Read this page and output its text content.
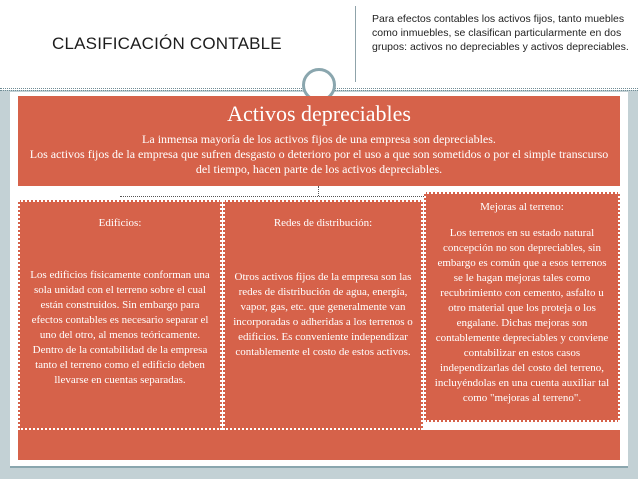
CLASIFICACIÓN CONTABLE
Para efectos contables los activos fijos, tanto muebles como inmuebles, se clasifican particularmente en dos grupos: activos no depreciables y activos depreciables.
Activos depreciables

La inmensa mayoría de los activos fijos de una empresa son depreciables.

Los activos fijos de la empresa que sufren desgasto o deterioro por el uso a que son sometidos o por el simple transcurso del tiempo, hacen parte de los activos depreciables.

Edificios:

Los edificios físicamente conforman una sola unidad con el terreno sobre el cual están construidos. Sin embargo para efectos contables es necesario separar el uno del otro, al menos teóricamente. Dentro de la contabilidad de la empresa tanto el terreno como el edificio deben llevarse en cuentas separadas.

Redes de distribución:

Otros activos fijos de la empresa son las redes de distribución de agua, energía, vapor, gas, etc. que generalmente van incorporadas o adheridas a los terrenos o edificios. Es conveniente independizar contablemente el costo de estos activos.

Mejoras al terreno:

Los terrenos en su estado natural concepción no son depreciables, sin embargo es común que a esos terrenos se le hagan mejoras tales como recubrimiento con cemento, asfalto u otro material que los proteja o los engalane. Dichas mejoras son contablemente depreciables y conviene contabilizar en estos casos independizarlas del costo del terreno, incluyéndolas en una cuenta auxiliar tal como "mejoras al terreno".
